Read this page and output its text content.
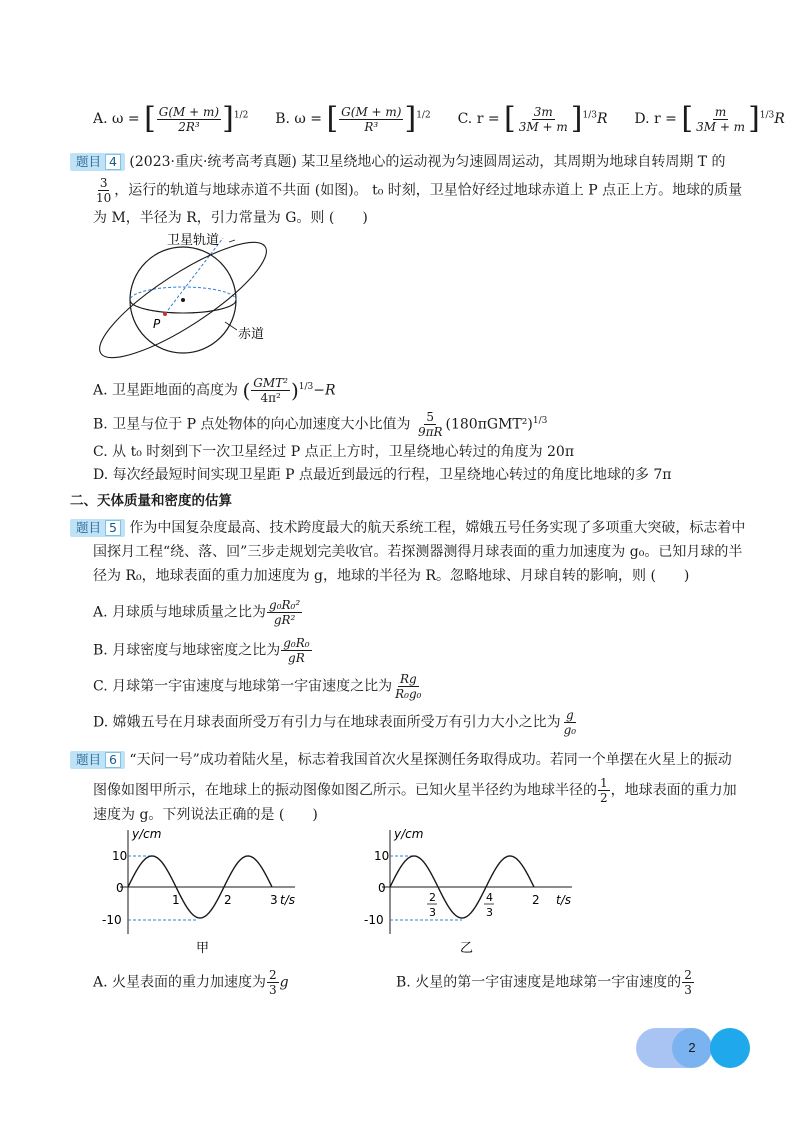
A. ω = [ $\frac{G(M + m)}{\text{2R³}} ]^{1/2}$ B. ω = [ $\frac{G(M + m)}{\text{R³}} ]^{1/2}$ C. r = [ $\frac{3m}{3M + m} ]^{1/3}R$ D. r = [ $\frac{m}{3M + m} ]^{1/3}R$
题目 4 (2023·重庆·统考高考真题) 某卫星绕地心的运动视为匀速圆周运动，其周期为地球自转周期 T 的
$\frac{3}{10}$ ，运行的轨道与地球赤道不共面 (如图)。 t₀ 时刻，卫星恰好经过地球赤道上 P 点正上方。地球的质量
为 M，半径为 R，引力常量为 G。则 (　　)
卫星轨道
赤道
P
A. 卫星距地面的高度为 ( $\frac{\text{GMT²}}{\text{4π²}} )^{1/3}-R$
B. 卫星与位于 P 点处物体的向心加速度大小比值为 $\frac{5}{9\pi R} (180\pi GMT^2)^{1/3}$
C. 从 t₀ 时刻到下一次卫星经过 P 点正上方时，卫星绕地心转过的角度为 20π
D. 每次经最短时间实现卫星距 P 点最近到最远的行程，卫星绕地心转过的角度比地球的多 7π
二、天体质量和密度的估算
题目 5 作为中国复杂度最高、技术跨度最大的航天系统工程，嫦娥五号任务实现了多项重大突破，标志着中
国探月工程“绕、落、回”三步走规划完美收官。若探测器测得月球表面的重力加速度为 g₀。已知月球的半
径为 R₀，地球表面的重力加速度为 g，地球的半径为 R。忽略地球、月球自转的影响，则 (　　)
A. 月球质与地球质量之比为 $\frac{\text{g₀R₀²}}{\text{gR²}}$
B. 月球密度与地球密度之比为 $\frac{\text{g₀R₀}}{gR}$
C. 月球第一宇宙速度与地球第一宇宙速度之比为 $\frac{Rg}{\text{R₀g₀}}$
D. 嫦娥五号在月球表面所受万有引力与在地球表面所受万有引力大小之比为 $\frac{g}{\text{g₀}}$
题目 6 “天问一号”成功着陆火星，标志着我国首次火星探测任务取得成功。若同一个单摆在火星上的振动
图像如图甲所示，在地球上的振动图像如图乙所示。已知火星半径约为地球半径的 $\frac{1}{2}$ ，地球表面的重力加
速度为 g。下列说法正确的是 (　　)
y/cm
10
0
-10
1	2	3 t/s
甲
y/cm
10
0
-10
2
3
4
3
2 t/s
乙
A. 火星表面的重力加速度为 $\frac{2}{3}$ g	B. 火星的第一宇宙速度是地球第一宇宙速度的 $\frac{2}{3}$
2
